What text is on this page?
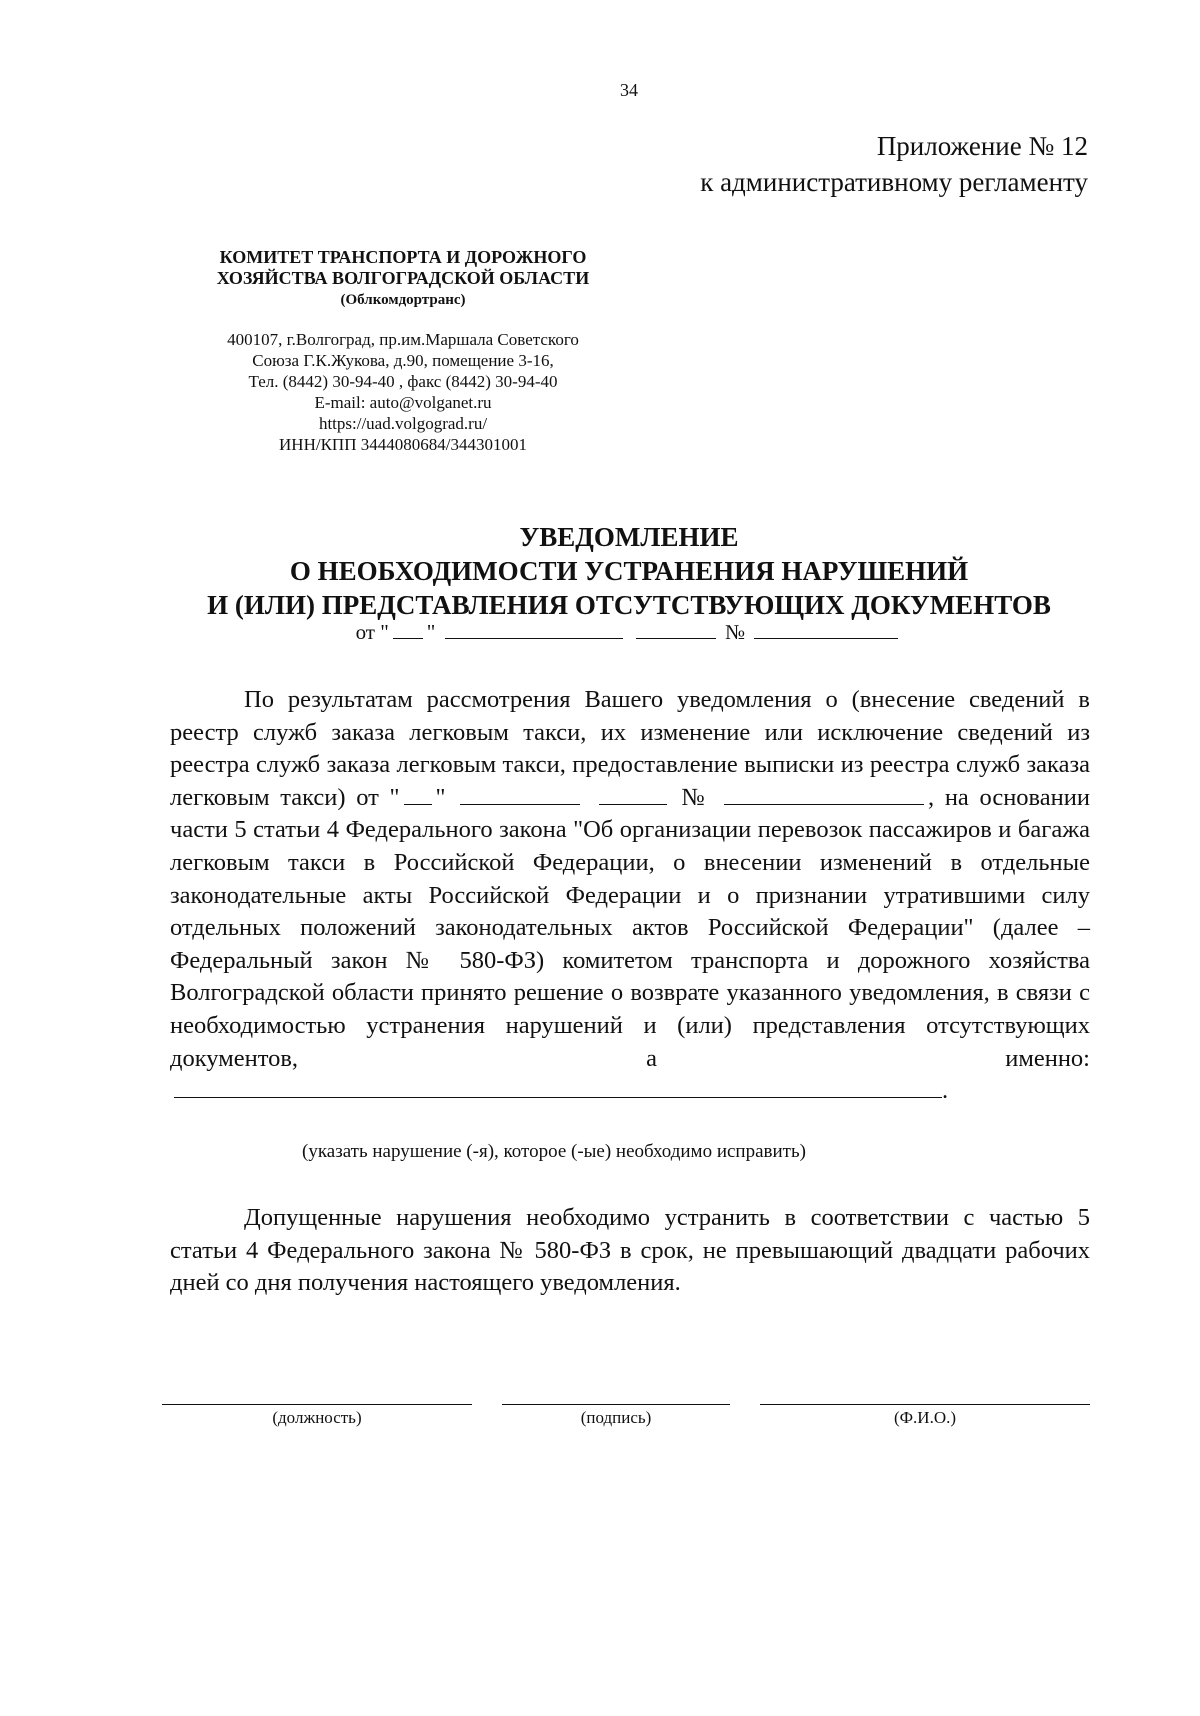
34
Приложение № 12
к административному регламенту
КОМИТЕТ ТРАНСПОРТА И ДОРОЖНОГО
ХОЗЯЙСТВА ВОЛГОГРАДСКОЙ ОБЛАСТИ
(Облкомдортранс)
400107, г.Волгоград, пр.им.Маршала Советского
Союза Г.К.Жукова, д.90, помещение 3-16,
Тел. (8442) 30-94-40 , факс (8442) 30-94-40
E-mail: auto@volganet.ru
https://uad.volgograd.ru/
ИНН/КПП 3444080684/344301001
УВЕДОМЛЕНИЕ
О НЕОБХОДИМОСТИ УСТРАНЕНИЯ НАРУШЕНИЙ
И (ИЛИ) ПРЕДСТАВЛЕНИЯ ОТСУТСТВУЮЩИХ ДОКУМЕНТОВ
от " "	№

По результатам рассмотрения Вашего уведомления о (внесение сведений в реестр служб заказа легковым такси, их изменение или исключение сведений из реестра служб заказа легковым такси, предоставление выписки из реестра служб заказа легковым такси) от " "	№	, на основании части 5 статьи 4 Федерального закона "Об организации перевозок пассажиров и багажа легковым такси в Российской Федерации, о внесении изменений в отдельные законодательные акты Российской Федерации и о признании утратившими силу отдельных положений законодательных актов Российской Федерации" (далее – Федеральный закон № 580-ФЗ) комитетом транспорта и дорожного хозяйства Волгоградской области принято решение о возврате указанного уведомления, в связи с необходимостью устранения нарушений и (или) представления отсутствующих документов, а именно:.

(указать нарушение (-я), которое (-ые) необходимо исправить)

Допущенные нарушения необходимо устранить в соответствии с частью 5 статьи 4 Федерального закона № 580-ФЗ в срок, не превышающий двадцати рабочих дней со дня получения настоящего уведомления.

(должность)	(подпись)	(Ф.И.О.)
